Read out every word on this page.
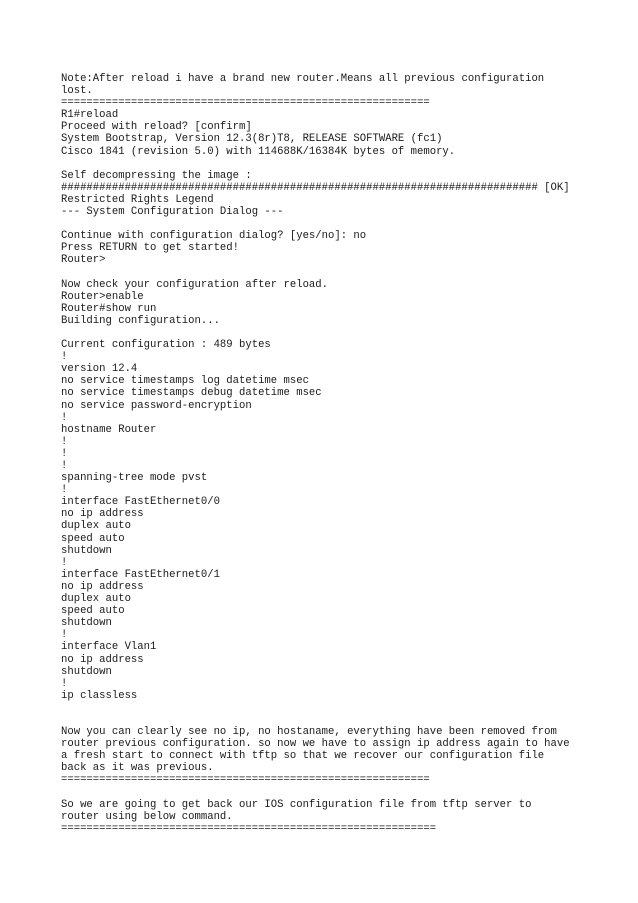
Note:After reload i have a brand new router.Means all previous configuration
lost.
==========================================================
R1#reload
Proceed with reload? [confirm]
System Bootstrap, Version 12.3(8r)T8, RELEASE SOFTWARE (fc1)
Cisco 1841 (revision 5.0) with 114688K/16384K bytes of memory.
Self decompressing the image :
########################################################################### [OK]
Restricted Rights Legend
--- System Configuration Dialog ---
Continue with configuration dialog? [yes/no]: no
Press RETURN to get started!
Router>
Now check your configuration after reload.
Router>enable
Router#show run
Building configuration...
Current configuration : 489 bytes
!
version 12.4
no service timestamps log datetime msec
no service timestamps debug datetime msec
no service password-encryption
!
hostname Router
!
!
!
spanning-tree mode pvst
!
interface FastEthernet0/0
no ip address
duplex auto
speed auto
shutdown
!
interface FastEthernet0/1
no ip address
duplex auto
speed auto
shutdown
!
interface Vlan1
no ip address
shutdown
!
ip classless
Now you can clearly see no ip, no hostaname, everything have been removed from
router previous configuration. so now we have to assign ip address again to have
a fresh start to connect with tftp so that we recover our configuration file
back as it was previous.
==========================================================
So we are going to get back our IOS configuration file from tftp server to
router using below command.
===========================================================
